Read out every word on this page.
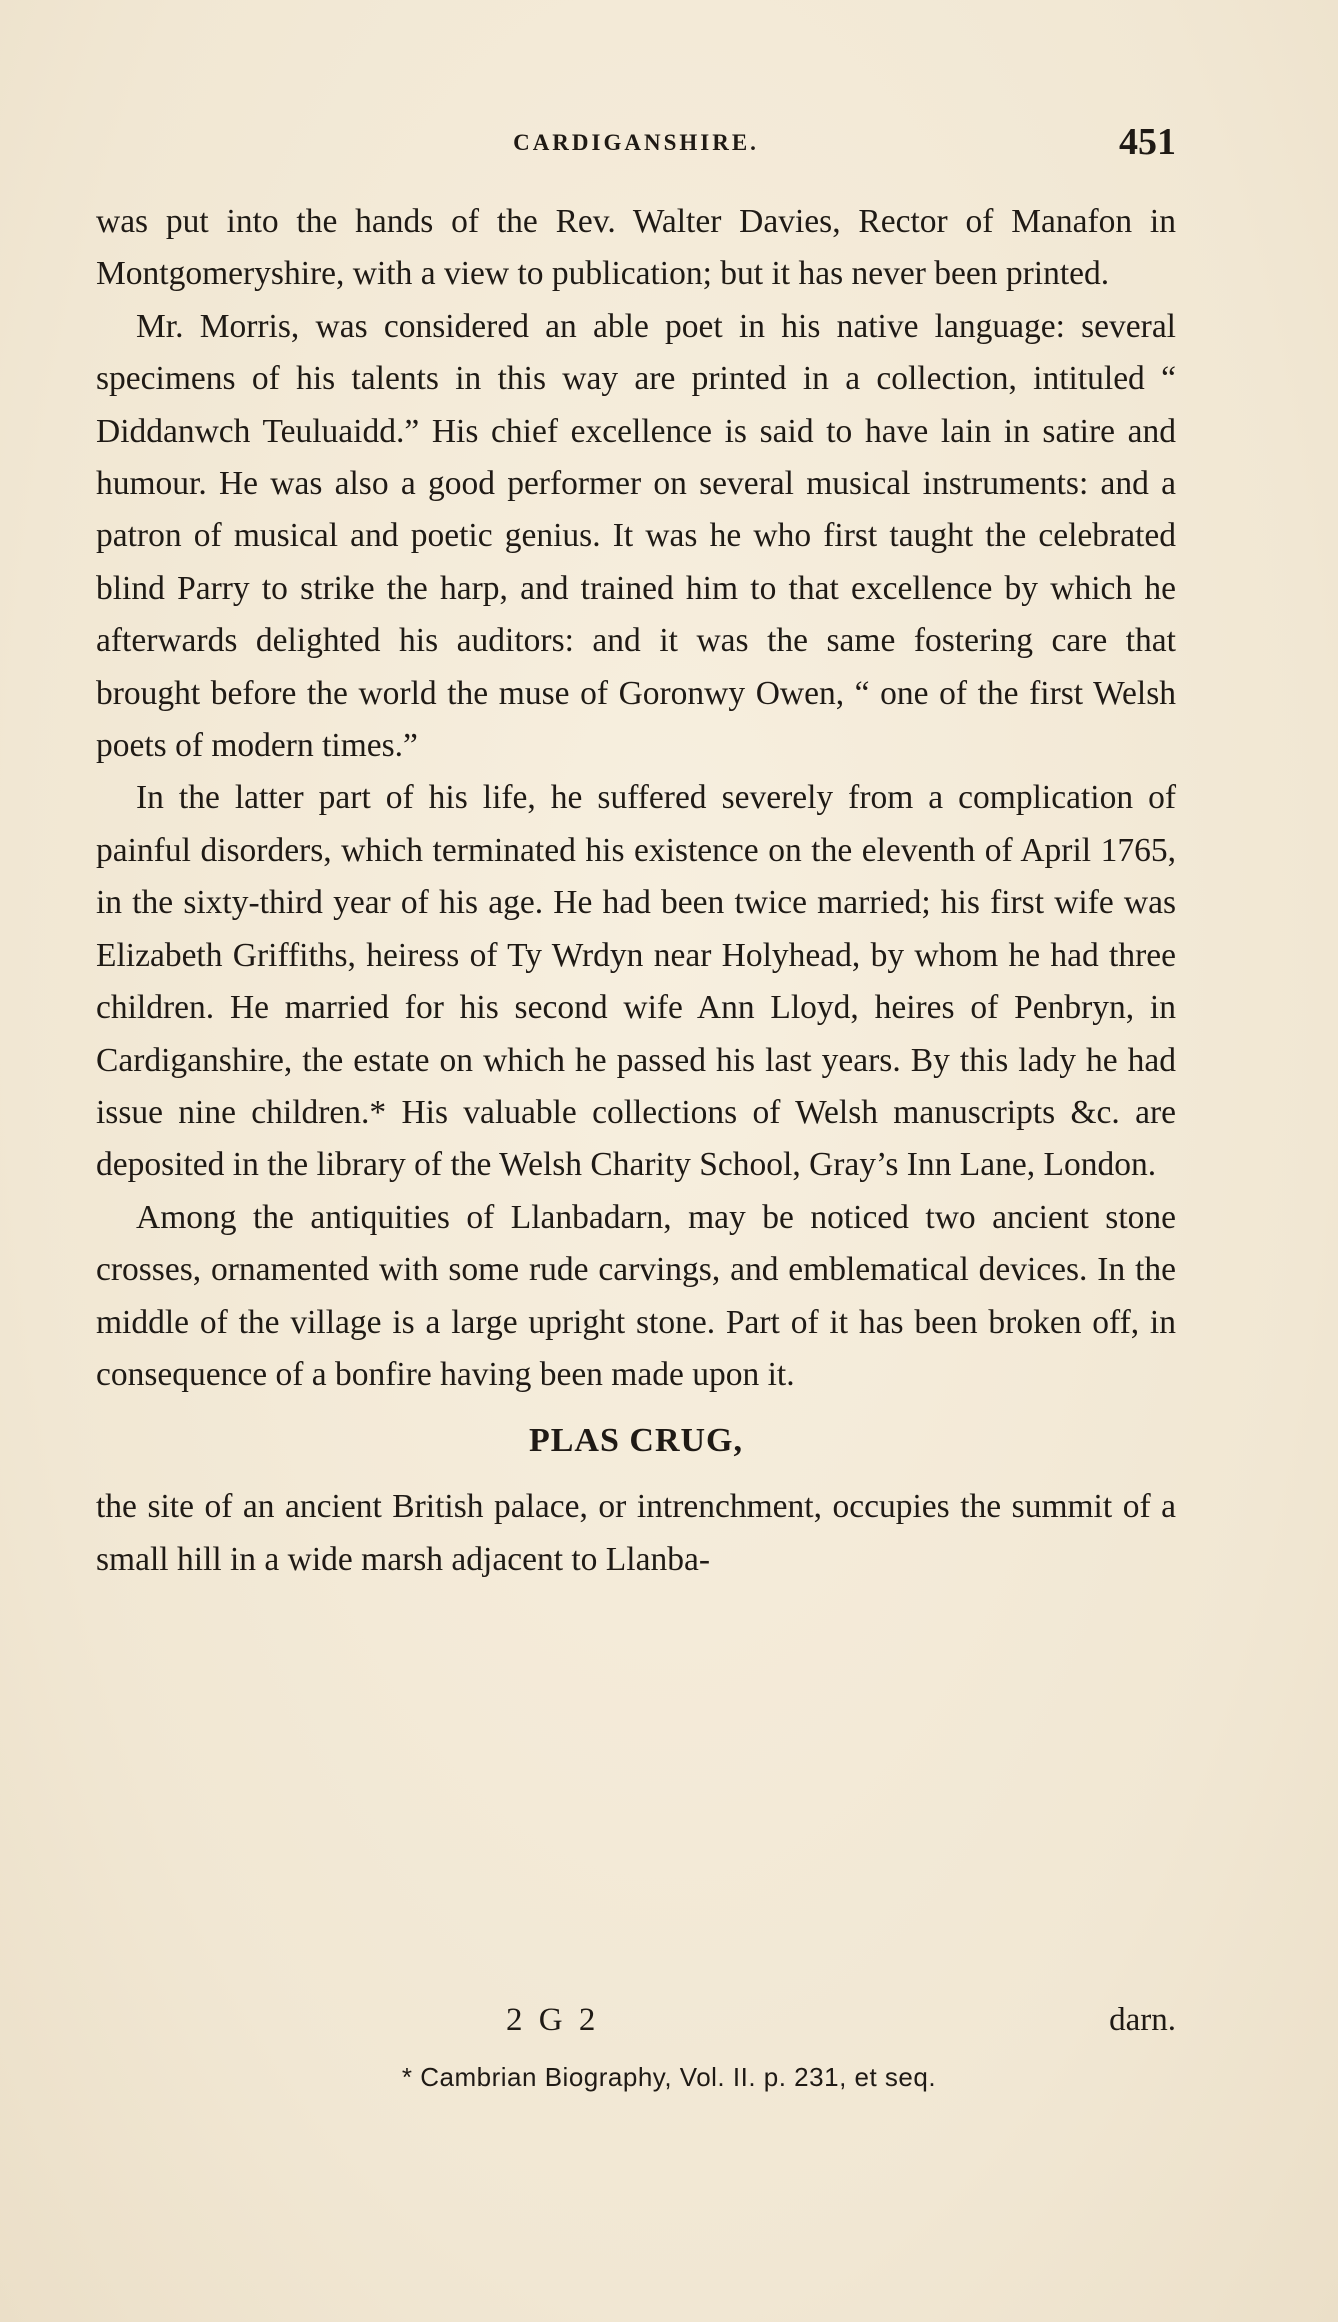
CARDIGANSHIRE.	451

was put into the hands of the Rev. Walter Davies, Rector of Manafon in Montgomeryshire, with a view to publication; but it has never been printed.

Mr. Morris, was considered an able poet in his native language: several specimens of his talents in this way are printed in a collection, intituled “ Diddanwch Teuluaidd.” His chief excellence is said to have lain in satire and humour. He was also a good performer on several musical instruments: and a patron of musical and poetic genius. It was he who first taught the celebrated blind Parry to strike the harp, and trained him to that excellence by which he afterwards delighted his auditors: and it was the same fostering care that brought before the world the muse of Goronwy Owen, “ one of the first Welsh poets of modern times.”

In the latter part of his life, he suffered severely from a complication of painful disorders, which terminated his existence on the eleventh of April 1765, in the sixty-third year of his age. He had been twice married; his first wife was Elizabeth Griffiths, heiress of Ty Wrdyn near Holyhead, by whom he had three children. He married for his second wife Ann Lloyd, heires of Penbryn, in Cardiganshire, the estate on which he passed his last years. By this lady he had issue nine children.* His valuable collections of Welsh manuscripts &c. are deposited in the library of the Welsh Charity School, Gray’s Inn Lane, London.

Among the antiquities of Llanbadarn, may be noticed two ancient stone crosses, ornamented with some rude carvings, and emblematical devices. In the middle of the village is a large upright stone. Part of it has been broken off, in consequence of a bonfire having been made upon it.

PLAS CRUG,

the site of an ancient British palace, or intrenchment, occupies the summit of a small hill in a wide marsh adjacent to Llanba-

2 G 2	darn.
* Cambrian Biography, Vol. II. p. 231, et seq.
